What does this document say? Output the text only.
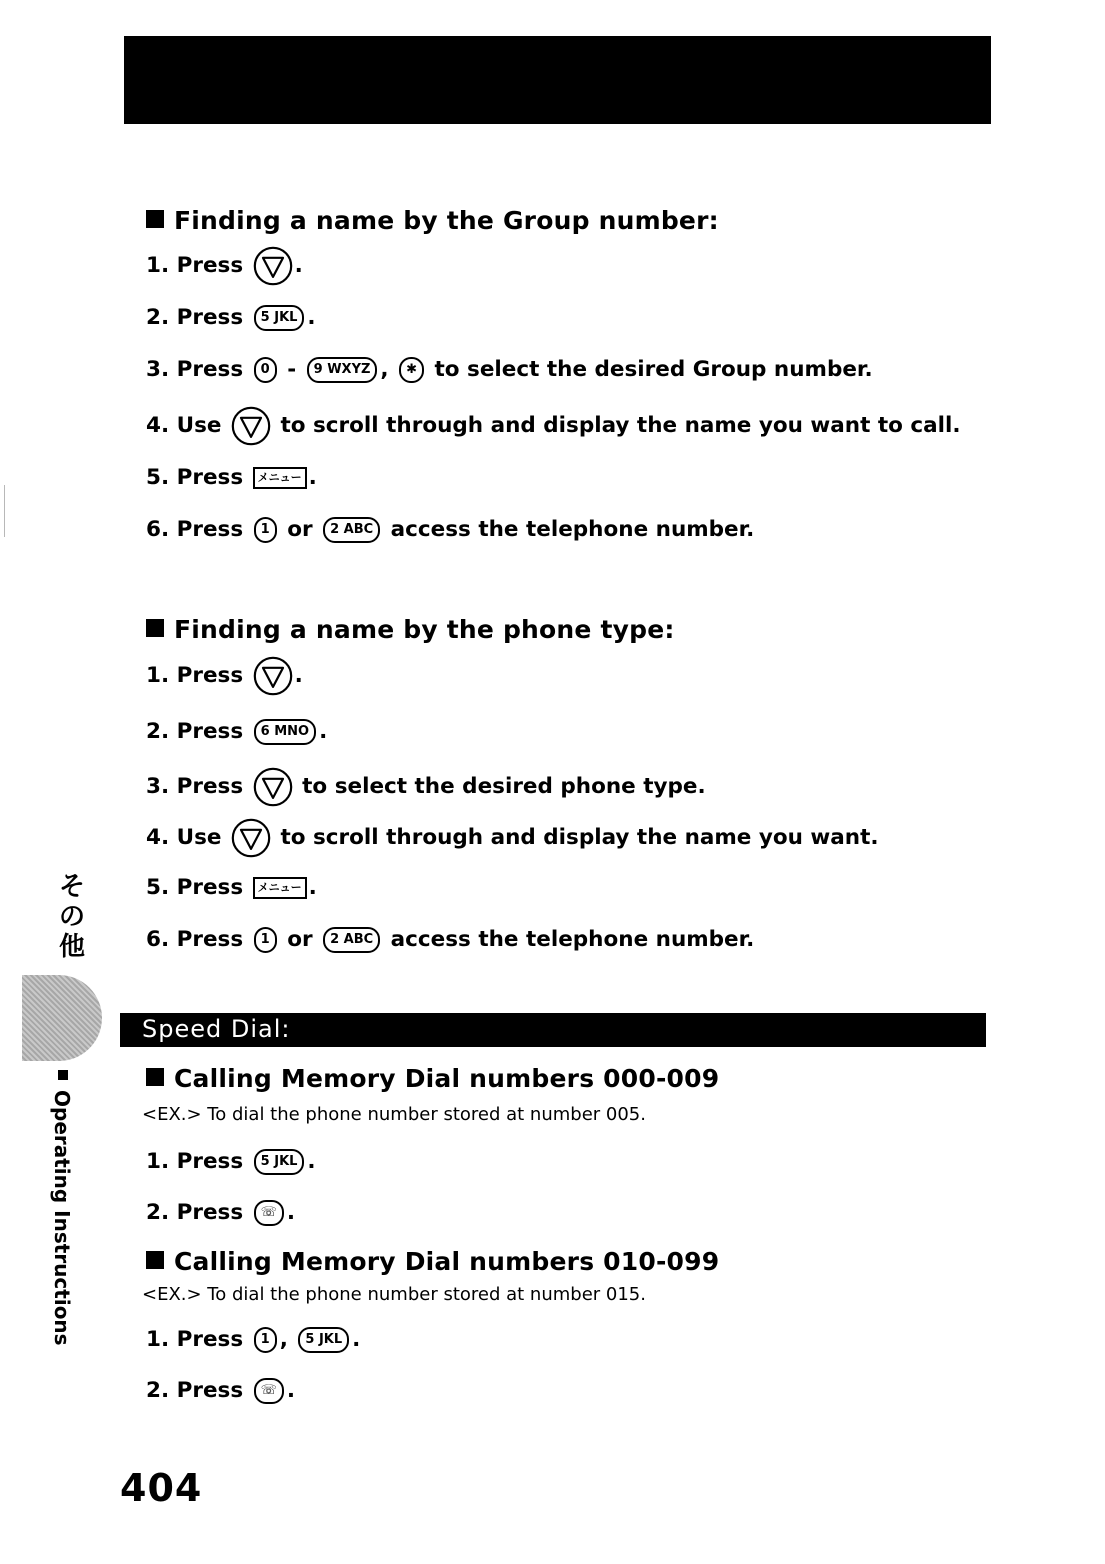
Finding a name by the Group number:
1. Press .
2. Press 5 JKL .
3. Press 0 - 9 WXYZ , ✱ to select the desired Group number.
4. Use	to scroll through and display the name you want to call.
5. Press メニュー .
6. Press 1 or 2 ABC access the telephone number.
Finding a name by the phone type:
1. Press .
2. Press 6 MNO .
3. Press	to select the desired phone type.
4. Use	to scroll through and display the name you want.
5. Press メニュー .
6. Press 1 or 2 ABC access the telephone number.
Speed Dial:
Calling Memory Dial numbers 000-009
<EX.> To dial the phone number stored at number 005.
1. Press 5 JKL .
2. Press ☏ .
Calling Memory Dial numbers 010-099
<EX.> To dial the phone number stored at number 015.
1. Press 1 , 5 JKL .
2. Press ☏ .
そ
の
他
Operating Instructions
404
